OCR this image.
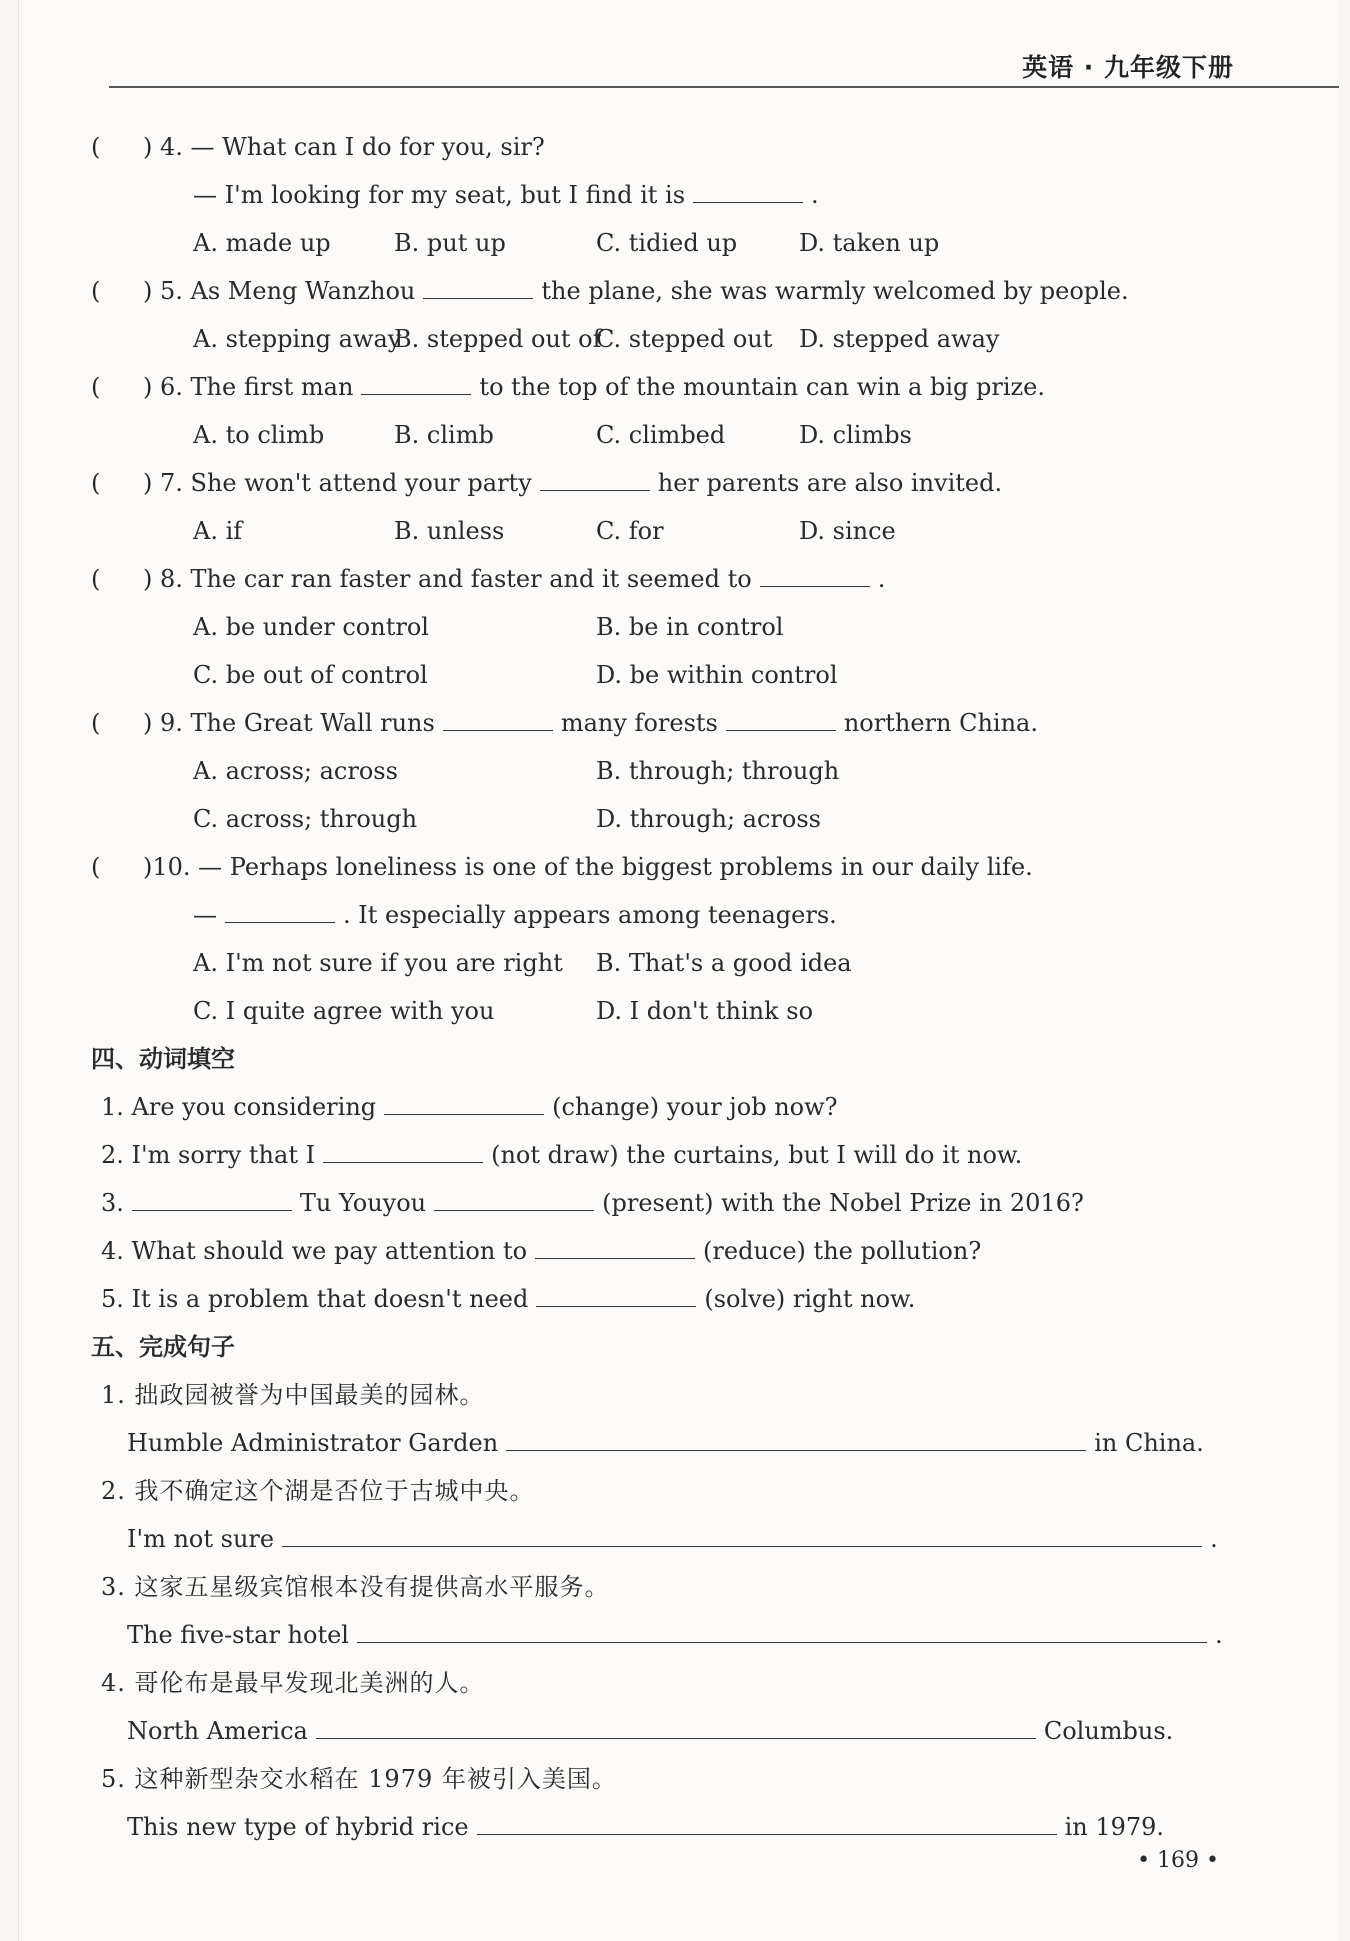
英语 · 九年级下册
( ) 4. — What can I do for you, sir?
— I'm looking for my seat, but I find it is	.
A. made up	B. put up	C. tidied up	D. taken up
( ) 5. As Meng Wanzhou	the plane, she was warmly welcomed by people.
A. stepping away
B. stepped out of
C. stepped out D. stepped away
( ) 6. The first man	to the top of the mountain can win a big prize.
A. to climb	B. climb	C. climbed	D. climbs
( ) 7. She won't attend your party	her parents are also invited.
A. if	B. unless	C. for	D. since
( ) 8. The car ran faster and faster and it seemed to	.
A. be under control	B. be in control
C. be out of control	D. be within control
( ) 9. The Great Wall runs	many forests	northern China.
A. across; across	B. through; through
C. across; through	D. through; across
( )10. — Perhaps loneliness is one of the biggest problems in our daily life.
—	. It especially appears among teenagers.
A. I'm not sure if you are right B. That's a good idea
C. I quite agree with you	D. I don't think so
四、动词填空
1. Are you considering	(change) your job now?
2. I'm sorry that I	(not draw) the curtains, but I will do it now.
3.	Tu Youyou	(present) with the Nobel Prize in 2016?
4. What should we pay attention to	(reduce) the pollution?
5. It is a problem that doesn't need	(solve) right now.
五、完成句子
1. 拙政园被誉为中国最美的园林。
Humble Administrator Garden	in China.
2. 我不确定这个湖是否位于古城中央。
I'm not sure	.
3. 这家五星级宾馆根本没有提供高水平服务。
The five-star hotel	.
4. 哥伦布是最早发现北美洲的人。
North America	Columbus.
5. 这种新型杂交水稻在 1979 年被引入美国。
This new type of hybrid rice	in 1979.
• 169 •
